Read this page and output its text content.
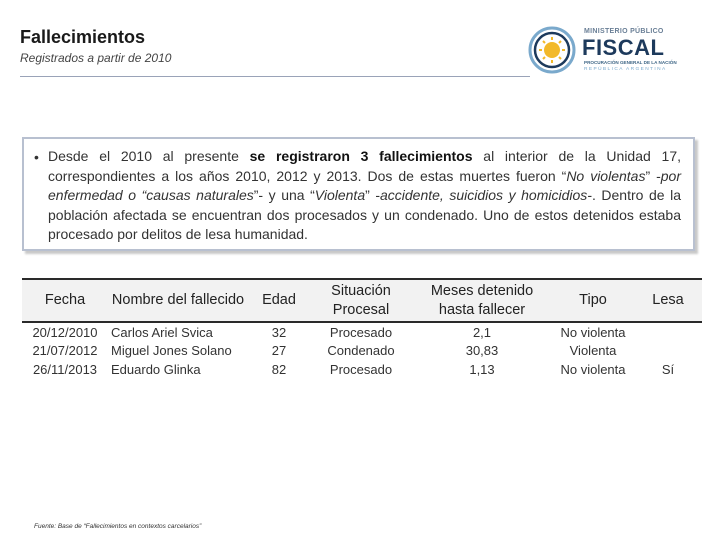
Fallecimientos
Registrados a partir de 2010
MINISTERIO PÚBLICO
FISCAL
PROCURACIÓN GENERAL DE LA NACIÓN
REPÚBLICA ARGENTINA
• Desde el 2010 al presente se registraron 3 fallecimientos al interior de la Unidad 17, correspondientes a los años 2010, 2012 y 2013. Dos de estas muertes fueron “No violentas” -por enfermedad o “causas naturales”- y una “Violenta” -accidente, suicidios y homicidios-. Dentro de la población afectada se encuentran dos procesados y un condenado. Uno de estos detenidos estaba procesado por delitos de lesa humanidad.

Fecha	Nombre del fallecido	Edad	Situación Procesal	Meses detenido hasta fallecer	Tipo	Lesa
20/12/2010	Carlos Ariel Svica	32	Procesado	2,1	No violenta	
21/07/2012	Miguel Jones Solano	27	Condenado	30,83	Violenta	
26/11/2013	Eduardo Glinka	82	Procesado	1,13	No violenta	Sí
Fuente: Base de “Fallecimientos en contextos carcelarios”
